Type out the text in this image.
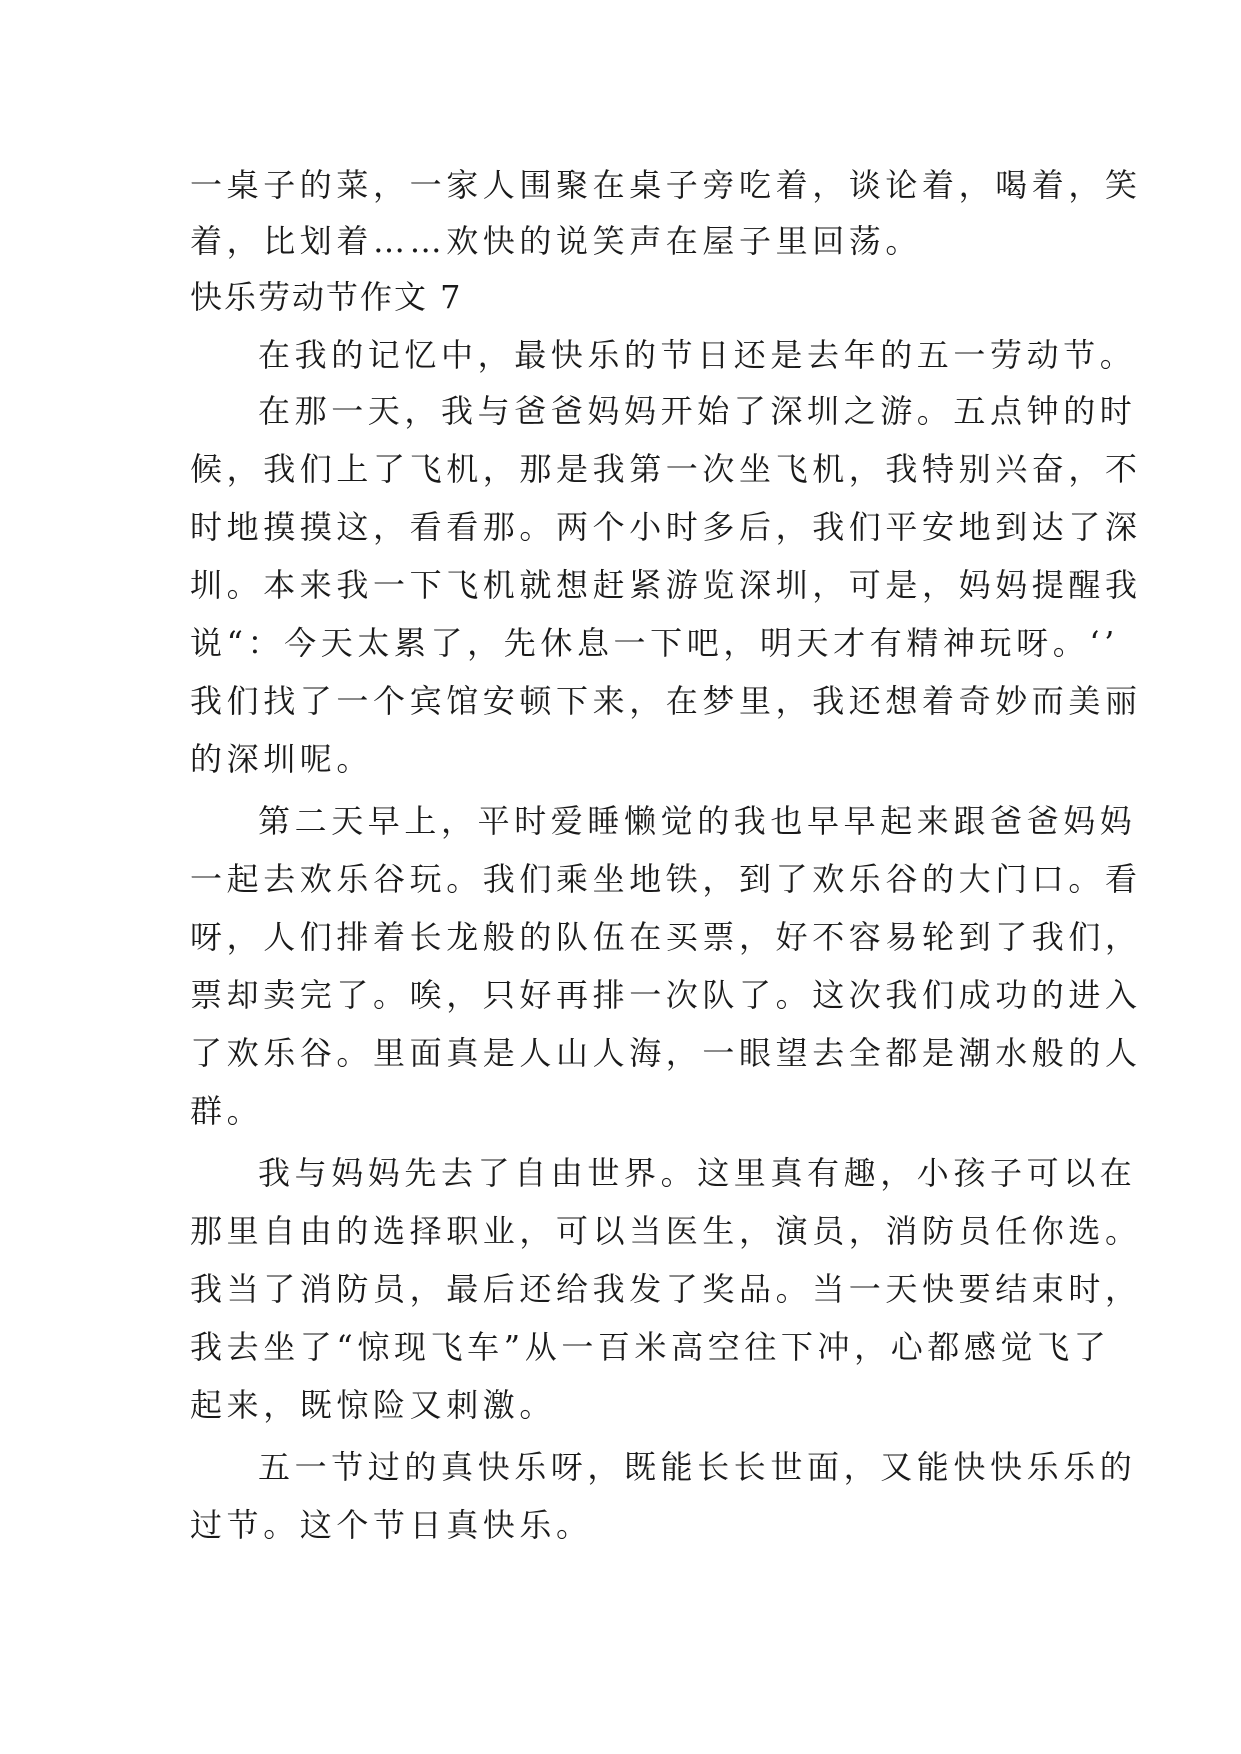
一桌子的菜，一家人围聚在桌子旁吃着，谈论着，喝着，笑
着，比划着……欢快的说笑声在屋子里回荡。
快乐劳动节作文 7
在我的记忆中，最快乐的节日还是去年的五一劳动节。
在那一天，我与爸爸妈妈开始了深圳之游。五点钟的时
候，我们上了飞机，那是我第一次坐飞机，我特别兴奋，不
时地摸摸这，看看那。两个小时多后，我们平安地到达了深
圳。本来我一下飞机就想赶紧游览深圳，可是，妈妈提醒我
说“：今天太累了，先休息一下吧，明天才有精神玩呀。‘’
我们找了一个宾馆安顿下来，在梦里，我还想着奇妙而美丽
的深圳呢。
第二天早上，平时爱睡懒觉的我也早早起来跟爸爸妈妈
一起去欢乐谷玩。我们乘坐地铁，到了欢乐谷的大门口。看
呀，人们排着长龙般的队伍在买票，好不容易轮到了我们，
票却卖完了。唉，只好再排一次队了。这次我们成功的进入
了欢乐谷。里面真是人山人海，一眼望去全都是潮水般的人
群。
我与妈妈先去了自由世界。这里真有趣，小孩子可以在
那里自由的选择职业，可以当医生，演员，消防员任你选。
我当了消防员，最后还给我发了奖品。当一天快要结束时，
我去坐了“惊现飞车”从一百米高空往下冲，心都感觉飞了
起来，既惊险又刺激。
五一节过的真快乐呀，既能长长世面，又能快快乐乐的
过节。这个节日真快乐。
